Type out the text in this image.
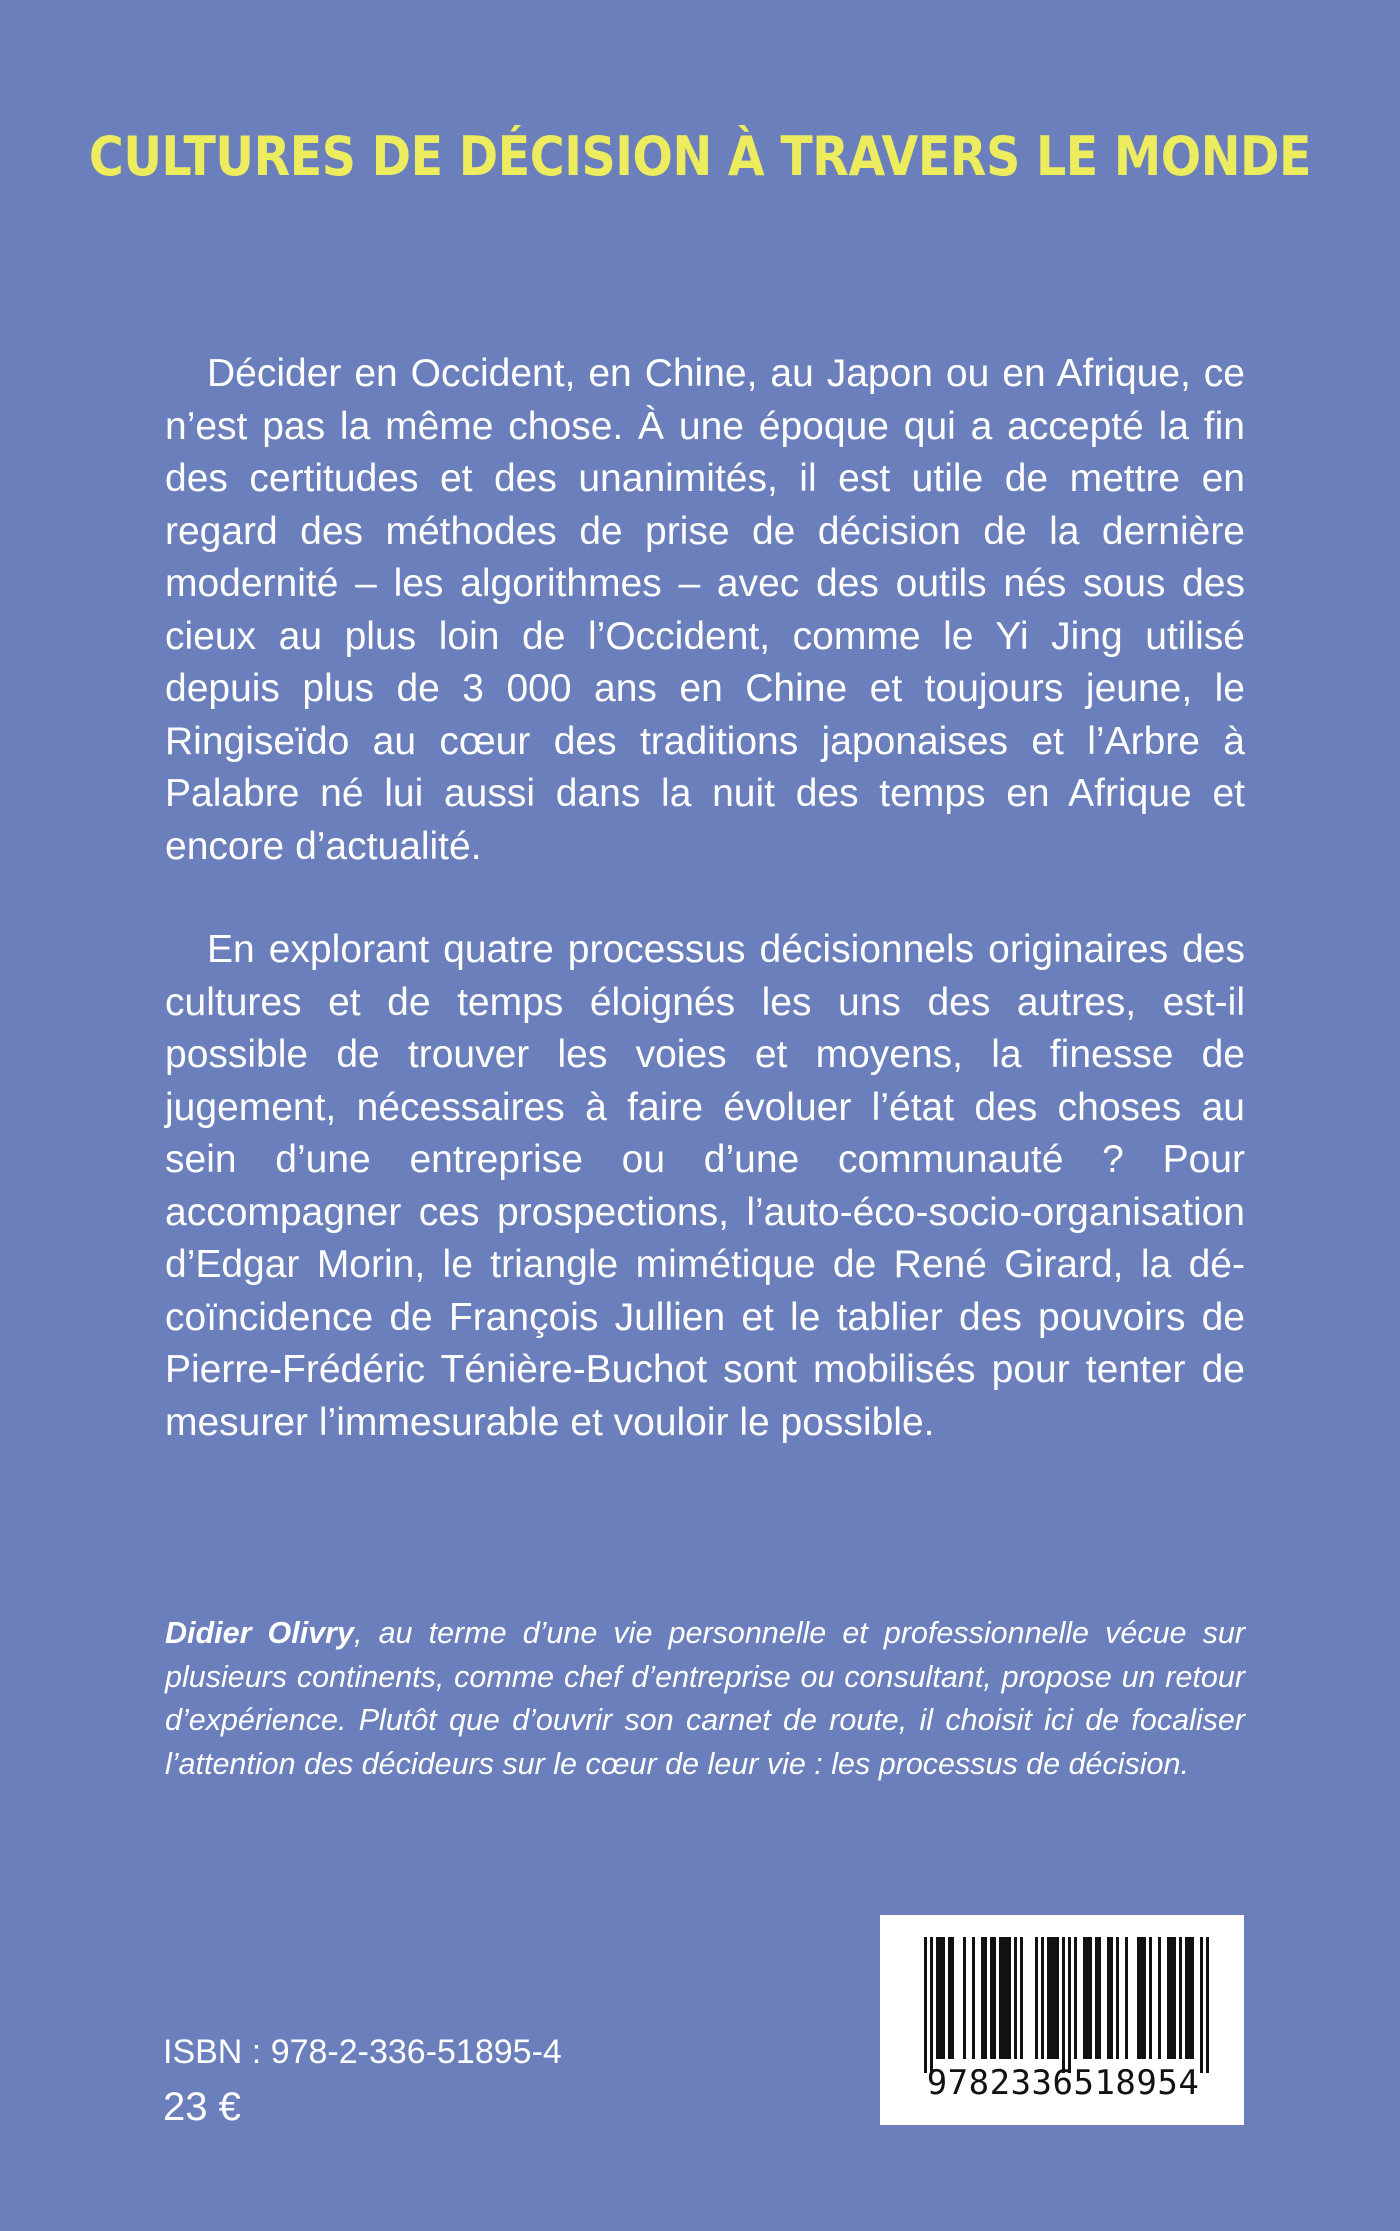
CULTURES DE DÉCISION À TRAVERS LE MONDE

Décider en Occident, en Chine, au Japon ou en Afrique, ce n’est pas la même chose. À une époque qui a accepté la fin des certitudes et des unanimités, il est utile de mettre en regard des méthodes de prise de décision de la dernière modernité – les algorithmes – avec des outils nés sous des cieux au plus loin de l’Occident, comme le Yi Jing utilisé depuis plus de 3 000 ans en Chine et toujours jeune, le Ringiseïdo au cœur des traditions japonaises et l’Arbre à Palabre né lui aussi dans la nuit des temps en Afrique et encore d’actualité.

En explorant quatre processus décisionnels originaires des cultures et de temps éloignés les uns des autres, est-il possible de trouver les voies et moyens, la finesse de jugement, nécessaires à faire évoluer l’état des choses au sein d’une entreprise ou d’une communauté ? Pour accompagner ces prospections, l’auto-éco-socio-organisation d’Edgar Morin, le triangle mimétique de René Girard, la dé-coïncidence de François Jullien et le tablier des pouvoirs de Pierre-Frédéric Ténière-Buchot sont mobilisés pour tenter de mesurer l’immesurable et vouloir le possible.

Didier Olivry, au terme d’une vie personnelle et professionnelle vécue sur plusieurs continents, comme chef d’entreprise ou consultant, propose un retour d’expérience. Plutôt que d’ouvrir son carnet de route, il choisit ici de focaliser l’attention des décideurs sur le cœur de leur vie : les processus de décision.

ISBN : 978-2-336-51895-4
23 €
9782336518954
